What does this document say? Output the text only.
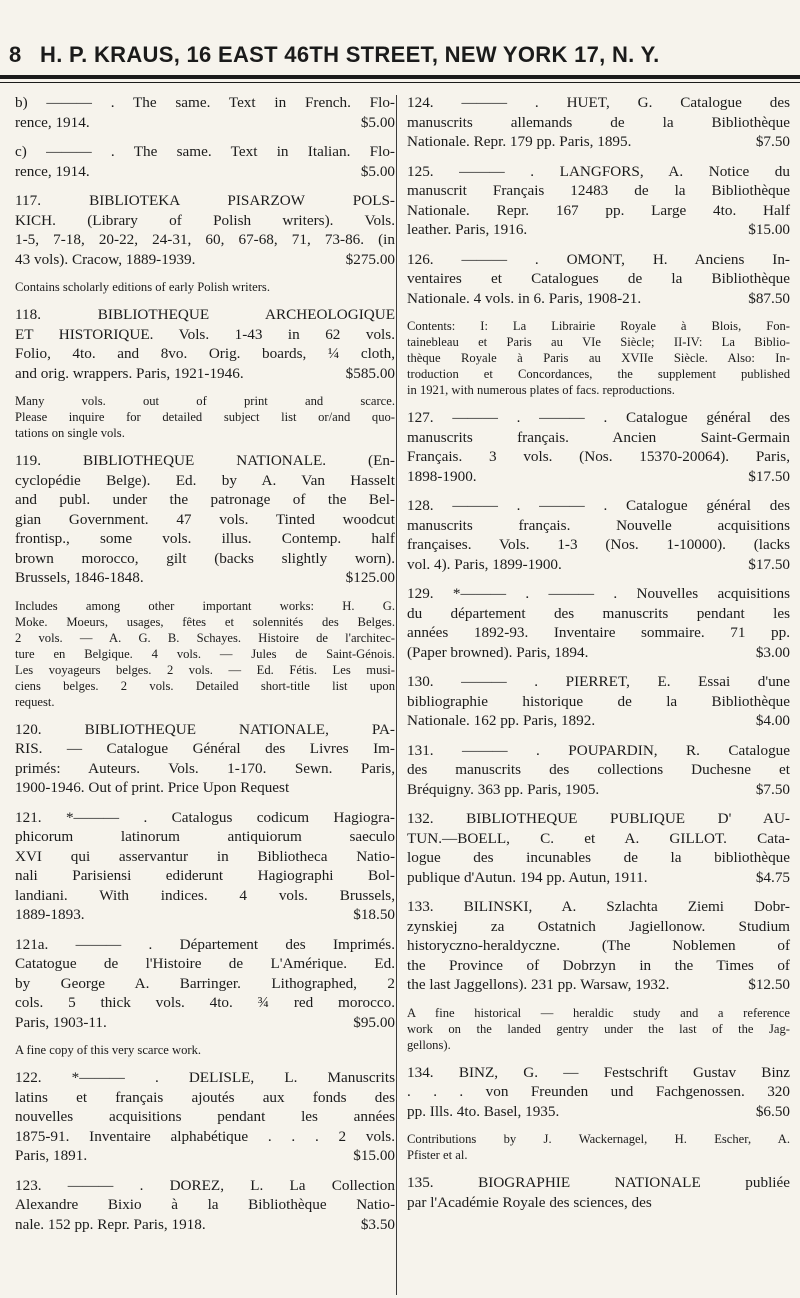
8 H. P. KRAUS, 16 EAST 46TH STREET, NEW YORK 17, N. Y.
b) ——— . The same. Text in French. Flo-
rence, 1914.	$5.00
c) ——— . The same. Text in Italian. Flo-
rence, 1914.	$5.00
117. BIBLIOTEKA PISARZOW POLS-
KICH. (Library of Polish writers). Vols.
1-5, 7-18, 20-22, 24-31, 60, 67-68, 71, 73-86. (in
43 vols). Cracow, 1889-1939.	$275.00
Contains scholarly editions of early Polish writers.
118. BIBLIOTHEQUE ARCHEOLOGIQUE
ET HISTORIQUE. Vols. 1-43 in 62 vols.
Folio, 4to. and 8vo. Orig. boards, ¼ cloth,
and orig. wrappers. Paris, 1921-1946.	$585.00
Many vols. out of print and scarce.
Please inquire for detailed subject list or/and quo-
tations on single vols.
119. BIBLIOTHEQUE NATIONALE. (En-
cyclopédie Belge). Ed. by A. Van Hasselt
and publ. under the patronage of the Bel-
gian Government. 47 vols. Tinted woodcut
frontisp., some vols. illus. Contemp. half
brown morocco, gilt (backs slightly worn).
Brussels, 1846-1848.	$125.00
Includes among other important works: H. G.
Moke. Moeurs, usages, fêtes et solennités des Belges.
2 vols. — A. G. B. Schayes. Histoire de l'architec-
ture en Belgique. 4 vols. — Jules de Saint-Génois.
Les voyageurs belges. 2 vols. — Ed. Fétis. Les musi-
ciens belges. 2 vols. Detailed short-title list upon
request.
120. BIBLIOTHEQUE NATIONALE, PA-
RIS. — Catalogue Général des Livres Im-
primés: Auteurs. Vols. 1-170. Sewn. Paris,
1900-1946. Out of print. Price Upon Request
121. *——— . Catalogus codicum Hagiogra-
phicorum latinorum antiquiorum saeculo
XVI qui asservantur in Bibliotheca Natio-
nali Parisiensi ediderunt Hagiographi Bol-
landiani. With indices. 4 vols. Brussels,
1889-1893.	$18.50
121a. ——— . Département des Imprimés.
Catatogue de l'Histoire de L'Amérique. Ed.
by George A. Barringer. Lithographed, 2
cols. 5 thick vols. 4to. ¾ red morocco.
Paris, 1903-11.	$95.00
A fine copy of this very scarce work.
122. *——— . DELISLE, L. Manuscrits
latins et français ajoutés aux fonds des
nouvelles acquisitions pendant les années
1875-91. Inventaire alphabétique . . . 2 vols.
Paris, 1891.	$15.00
123. ——— . DOREZ, L. La Collection
Alexandre Bixio à la Bibliothèque Natio-
nale. 152 pp. Repr. Paris, 1918.	$3.50
124. ——— . HUET, G. Catalogue des
manuscrits allemands de la Bibliothèque
Nationale. Repr. 179 pp. Paris, 1895.	$7.50
125. ——— . LANGFORS, A. Notice du
manuscrit Français 12483 de la Bibliothèque
Nationale. Repr. 167 pp. Large 4to. Half
leather. Paris, 1916.	$15.00
126. ——— . OMONT, H. Anciens In-
ventaires et Catalogues de la Bibliothèque
Nationale. 4 vols. in 6. Paris, 1908-21.	$87.50
Contents: I: La Librairie Royale à Blois, Fon-
tainebleau et Paris au VIe Siècle; II-IV: La Biblio-
thèque Royale à Paris au XVIIe Siècle. Also: In-
troduction et Concordances, the supplement published
in 1921, with numerous plates of facs. reproductions.
127. ——— . ——— . Catalogue général des
manuscrits français. Ancien Saint-Germain
Français. 3 vols. (Nos. 15370-20064). Paris,
1898-1900.	$17.50
128. ——— . ——— . Catalogue général des
manuscrits français. Nouvelle acquisitions
françaises. Vols. 1-3 (Nos. 1-10000). (lacks
vol. 4). Paris, 1899-1900.	$17.50
129. *——— . ——— . Nouvelles acquisitions
du département des manuscrits pendant les
années 1892-93. Inventaire sommaire. 71 pp.
(Paper browned). Paris, 1894.	$3.00
130. ——— . PIERRET, E. Essai d'une
bibliographie historique de la Bibliothèque
Nationale. 162 pp. Paris, 1892.	$4.00
131. ——— . POUPARDIN, R. Catalogue
des manuscrits des collections Duchesne et
Bréquigny. 363 pp. Paris, 1905.	$7.50
132. BIBLIOTHEQUE PUBLIQUE D' AU-
TUN.—BOELL, C. et A. GILLOT. Cata-
logue des incunables de la bibliothèque
publique d'Autun. 194 pp. Autun, 1911.	$4.75
133. BILINSKI, A. Szlachta Ziemi Dobr-
zynskiej za Ostatnich Jagiellonow. Studium
historyczno-heraldyczne. (The Noblemen of
the Province of Dobrzyn in the Times of
the last Jaggellons). 231 pp. Warsaw, 1932.	$12.50
A fine historical — heraldic study and a reference
work on the landed gentry under the last of the Jag-
gellons).
134. BINZ, G. — Festschrift Gustav Binz
. . . von Freunden und Fachgenossen. 320
pp. Ills. 4to. Basel, 1935.	$6.50
Contributions by J. Wackernagel, H. Escher, A.
Pfister et al.
135. BIOGRAPHIE NATIONALE publiée
par l'Académie Royale des sciences, des
